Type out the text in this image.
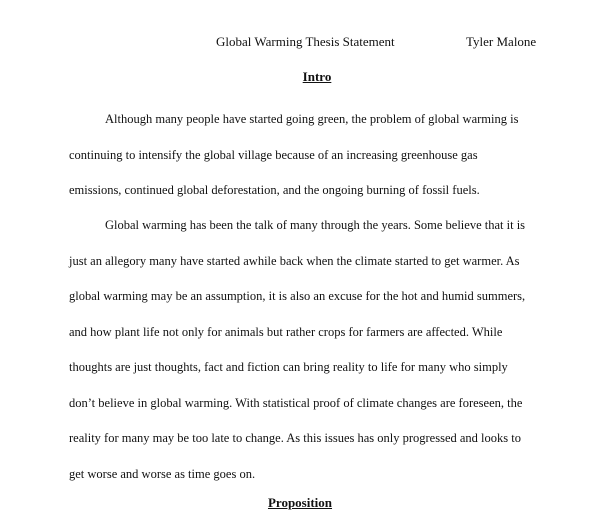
Global Warming Thesis Statement	Tyler Malone
Intro

Although many people have started going green, the problem of global warming is continuing to intensify the global village because of an increasing greenhouse gas emissions, continued global deforestation, and the ongoing burning of fossil fuels.

Global warming has been the talk of many through the years. Some believe that it is just an allegory many have started awhile back when the climate started to get warmer. As global warming may be an assumption, it is also an excuse for the hot and humid summers, and how plant life not only for animals but rather crops for farmers are affected. While thoughts are just thoughts, fact and fiction can bring reality to life for many who simply don’t believe in global warming. With statistical proof of climate changes are foreseen, the reality for many may be too late to change. As this issues has only progressed and looks to get worse and worse as time goes on.

Proposition
